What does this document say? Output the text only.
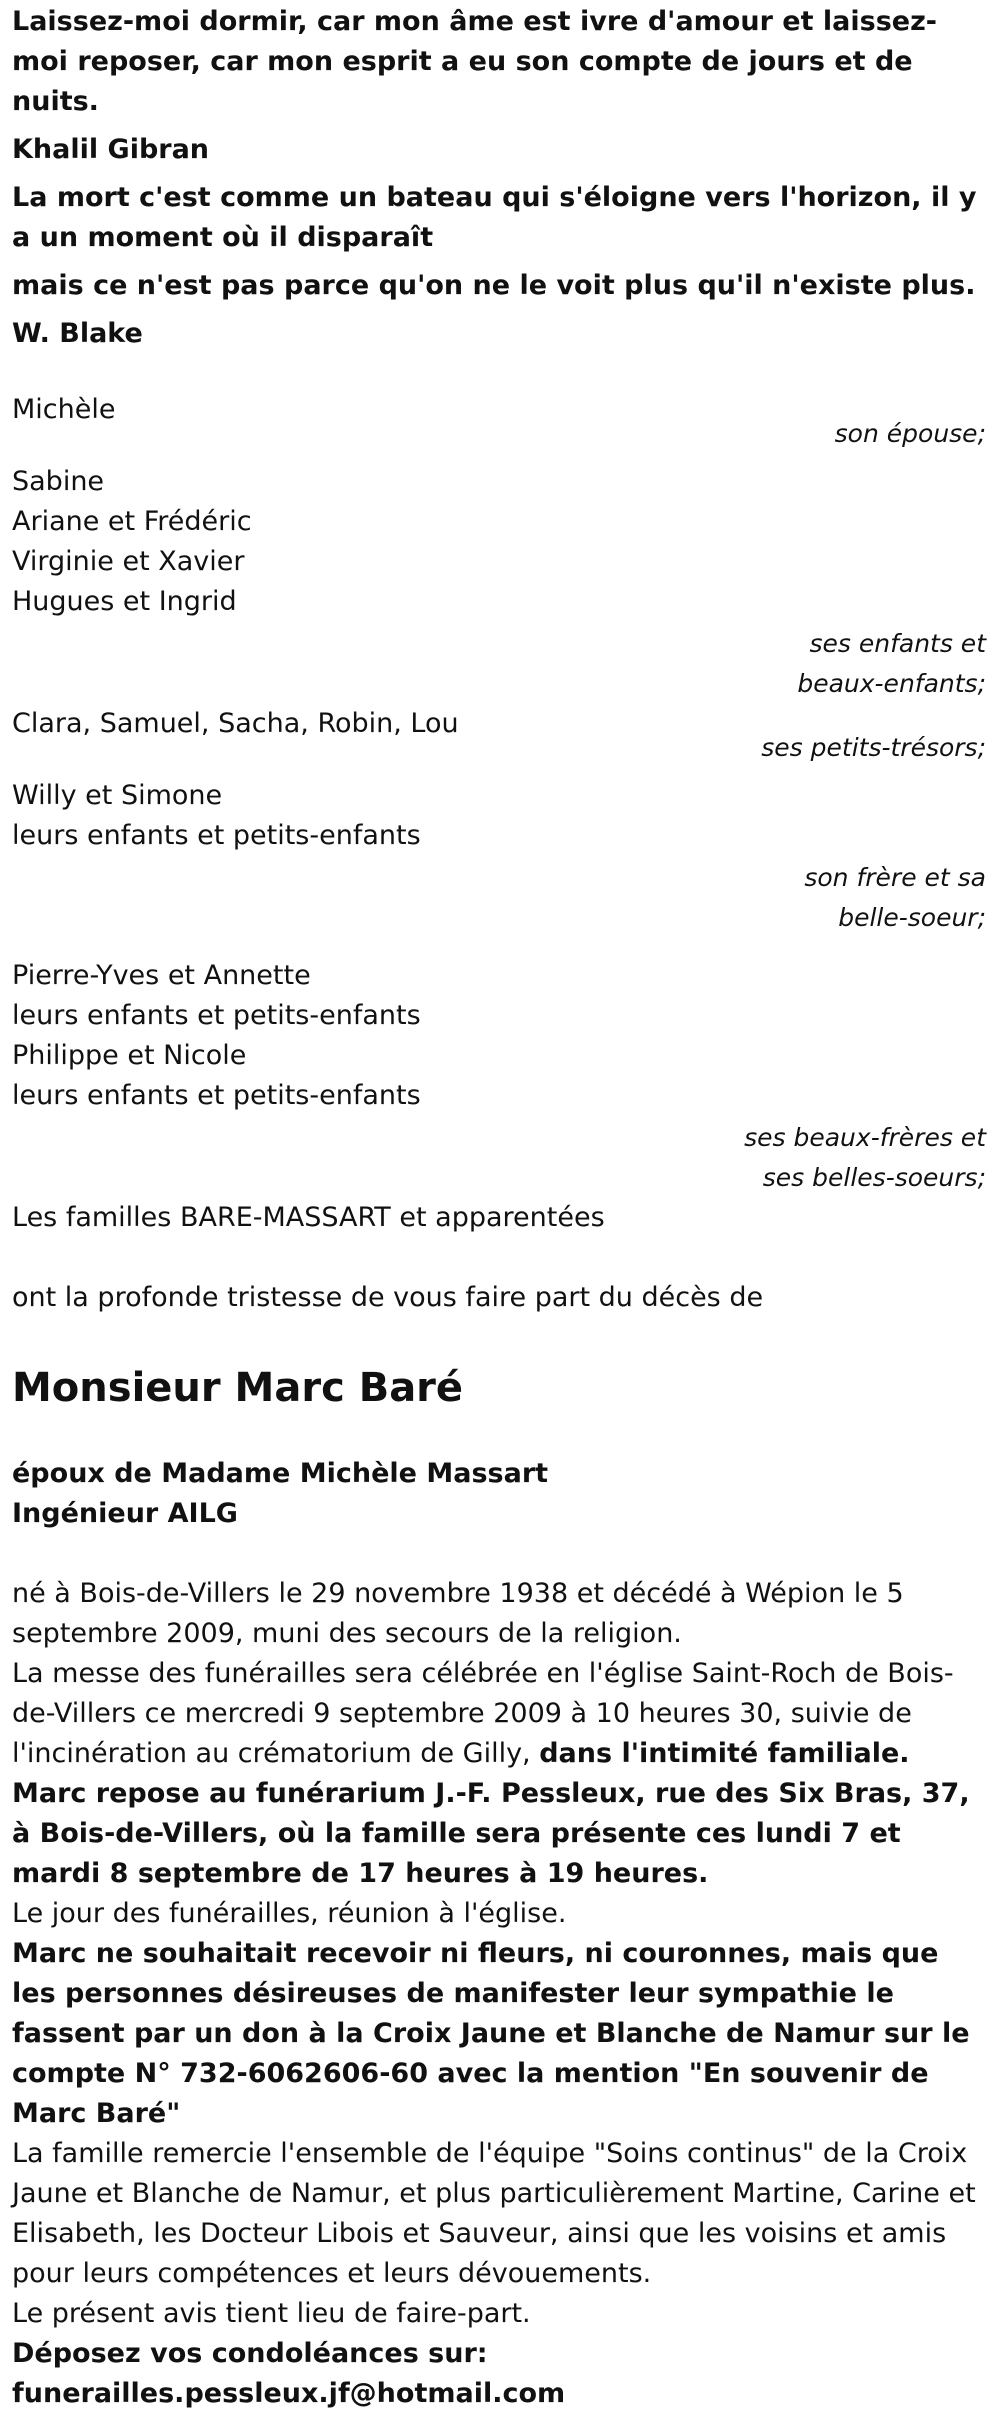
Laissez-moi dormir, car mon âme est ivre d'amour et laissez-moi reposer, car mon esprit a eu son compte de jours et de nuits.

Khalil Gibran

La mort c'est comme un bateau qui s'éloigne vers l'horizon, il y a un moment où il disparaît

mais ce n'est pas parce qu'on ne le voit plus qu'il n'existe plus.

W. Blake

Michèle

son épouse;

Sabine

Ariane et Frédéric

Virginie et Xavier

Hugues et Ingrid

ses enfants et

beaux-enfants;

Clara, Samuel, Sacha, Robin, Lou

ses petits-trésors;

Willy et Simone

leurs enfants et petits-enfants

son frère et sa

belle-soeur;

Pierre-Yves et Annette

leurs enfants et petits-enfants

Philippe et Nicole

leurs enfants et petits-enfants

ses beaux-frères et

ses belles-soeurs;

Les familles BARE-MASSART et apparentées

ont la profonde tristesse de vous faire part du décès de

Monsieur Marc Baré

époux de Madame Michèle Massart

Ingénieur AILG

né à Bois-de-Villers le 29 novembre 1938 et décédé à Wépion le 5 septembre 2009, muni des secours de la religion.

La messe des funérailles sera célébrée en l'église Saint-Roch de Bois-de-Villers ce mercredi 9 septembre 2009 à 10 heures 30, suivie de l'incinération au crématorium de Gilly, dans l'intimité familiale.

Marc repose au funérarium J.-F. Pessleux, rue des Six Bras, 37, à Bois-de-Villers, où la famille sera présente ces lundi 7 et mardi 8 septembre de 17 heures à 19 heures.

Le jour des funérailles, réunion à l'église.

Marc ne souhaitait recevoir ni fleurs, ni couronnes, mais que les personnes désireuses de manifester leur sympathie le fassent par un don à la Croix Jaune et Blanche de Namur sur le compte N° 732-6062606-60 avec la mention "En souvenir de Marc Baré"

La famille remercie l'ensemble de l'équipe "Soins continus" de la Croix Jaune et Blanche de Namur, et plus particulièrement Martine, Carine et Elisabeth, les Docteur Libois et Sauveur, ainsi que les voisins et amis pour leurs compétences et leurs dévouements.

Le présent avis tient lieu de faire-part.

Déposez vos condoléances sur:

funerailles.pessleux.jf@hotmail.com
